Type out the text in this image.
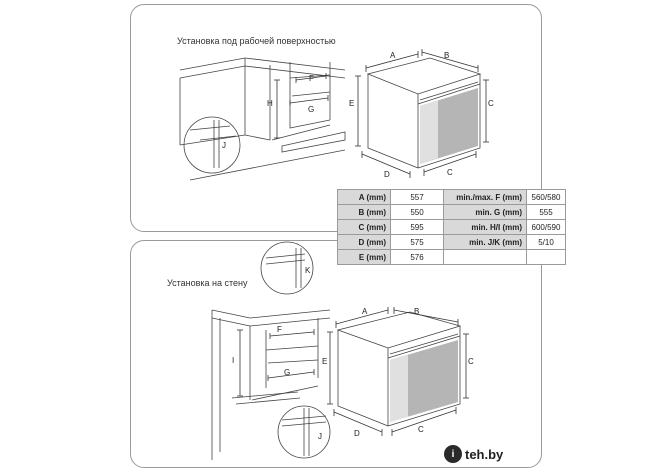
Установка под рабочей поверхностью
Установка на стену
F
G
H
J
A	B
C
E
D	C
F
G
I
K
J
A	B
C
E
D	C
A (mm)	557	min./max. F (mm)	560/580
B (mm)	550	min. G (mm)	555
C (mm)	595	min. H/I (mm)	600/590
D (mm)	575	min. J/K (mm)	5/10
E (mm)	576		
i teh.by
